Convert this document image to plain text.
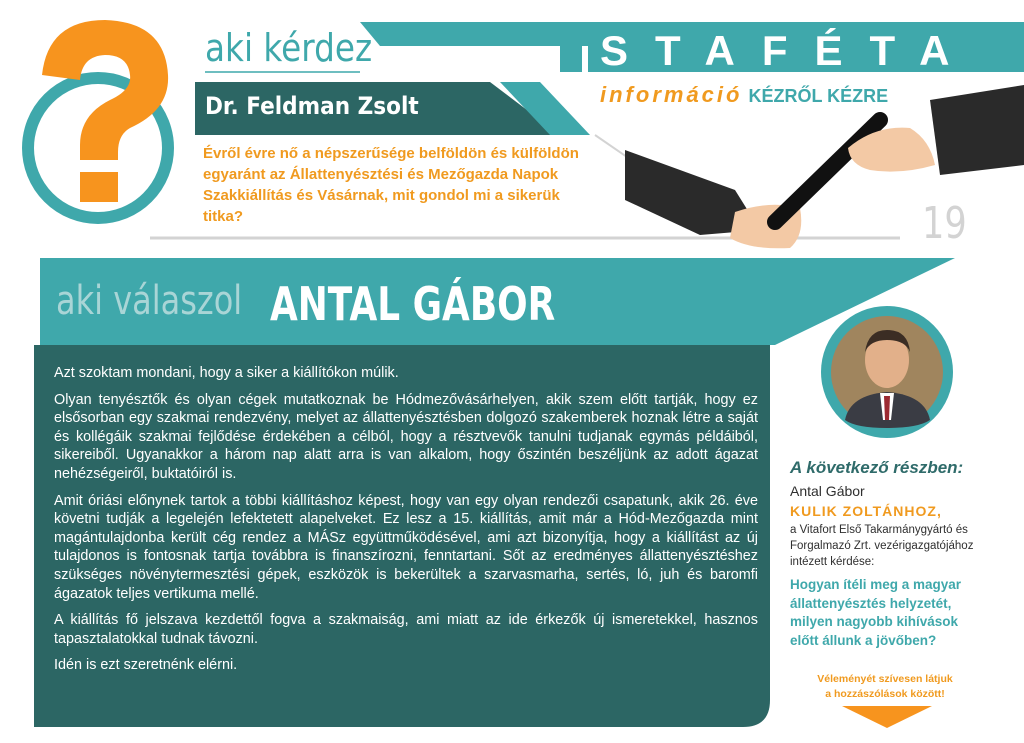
aki kérdez
Dr. Feldman Zsolt
Évről évre nő a népszerűsége belföldön és külföldön egyaránt az Állattenyésztési és Mezőgazda Napok Szakkiállítás és Vásárnak, mit gondol mi a sikerük titka?
STAFÉTA
információ KÉZRŐL KÉZRE
19
aki válaszol ANTAL GÁBOR

Azt szoktam mondani, hogy a siker a kiállítókon múlik.

Olyan tenyésztők és olyan cégek mutatkoznak be Hódmezővásárhelyen, akik szem előtt tartják, hogy ez elsősorban egy szakmai rendezvény, melyet az állattenyésztésben dolgozó szakemberek hoznak létre a saját és kollégáik szakmai fejlődése érdekében a célból, hogy a résztvevők tanulni tudjanak egymás példáiból, sikereiből. Ugyanakkor a három nap alatt arra is van alkalom, hogy őszintén beszéljünk az adott ágazat nehézségeiről, buktatóiról is.

Amit óriási előnynek tartok a többi kiállításhoz képest, hogy van egy olyan rendezői csapatunk, akik 26. éve követni tudják a legelején lefektetett alapelveket. Ez lesz a 15. kiállítás, amit már a Hód-Mezőgazda mint magántulajdonba került cég rendez a MÁSz együttműködésével, ami azt bizonyítja, hogy a kiállítást az új tulajdonos is fontosnak tartja továbbra is finanszírozni, fenntartani. Sőt az eredményes állattenyésztéshez szükséges növénytermesztési gépek, eszközök is bekerültek a szarvasmarha, sertés, ló, juh és baromfi ágazatok teljes vertikuma mellé.

A kiállítás fő jelszava kezdettől fogva a szakmaiság, ami miatt az ide érkezők új ismeretekkel, hasznos tapasztalatokkal tudnak távozni.

Idén is ezt szeretnénk elérni.

A következő részben:
Antal Gábor
KULIK ZOLTÁNHOZ,
a Vitafort Első Takarmánygyártó és Forgalmazó Zrt. vezérigazgatójához intézett kérdése:
Hogyan ítéli meg a magyar állattenyésztés helyzetét, milyen nagyobb kihívások előtt állunk a jövőben?
Véleményét szívesen látjuk
a hozzászólások között!
